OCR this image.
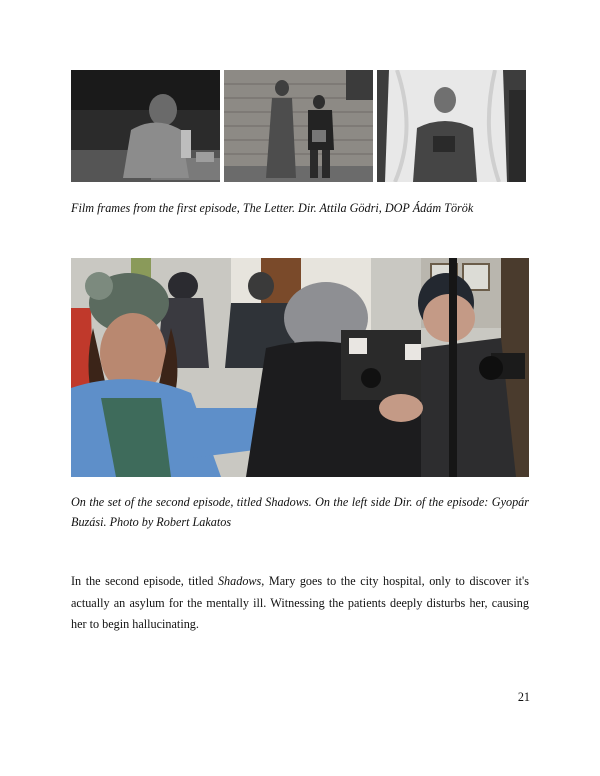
Film frames from the first episode, The Letter. Dir. Attila Gödri, DOP Ádám Török
On the set of the second episode, titled Shadows. On the left side Dir. of the episode: Gyopár Buzási. Photo by Robert Lakatos
In the second episode, titled Shadows, Mary goes to the city hospital, only to discover it's actually an asylum for the mentally ill. Witnessing the patients deeply disturbs her, causing her to begin hallucinating.
21
